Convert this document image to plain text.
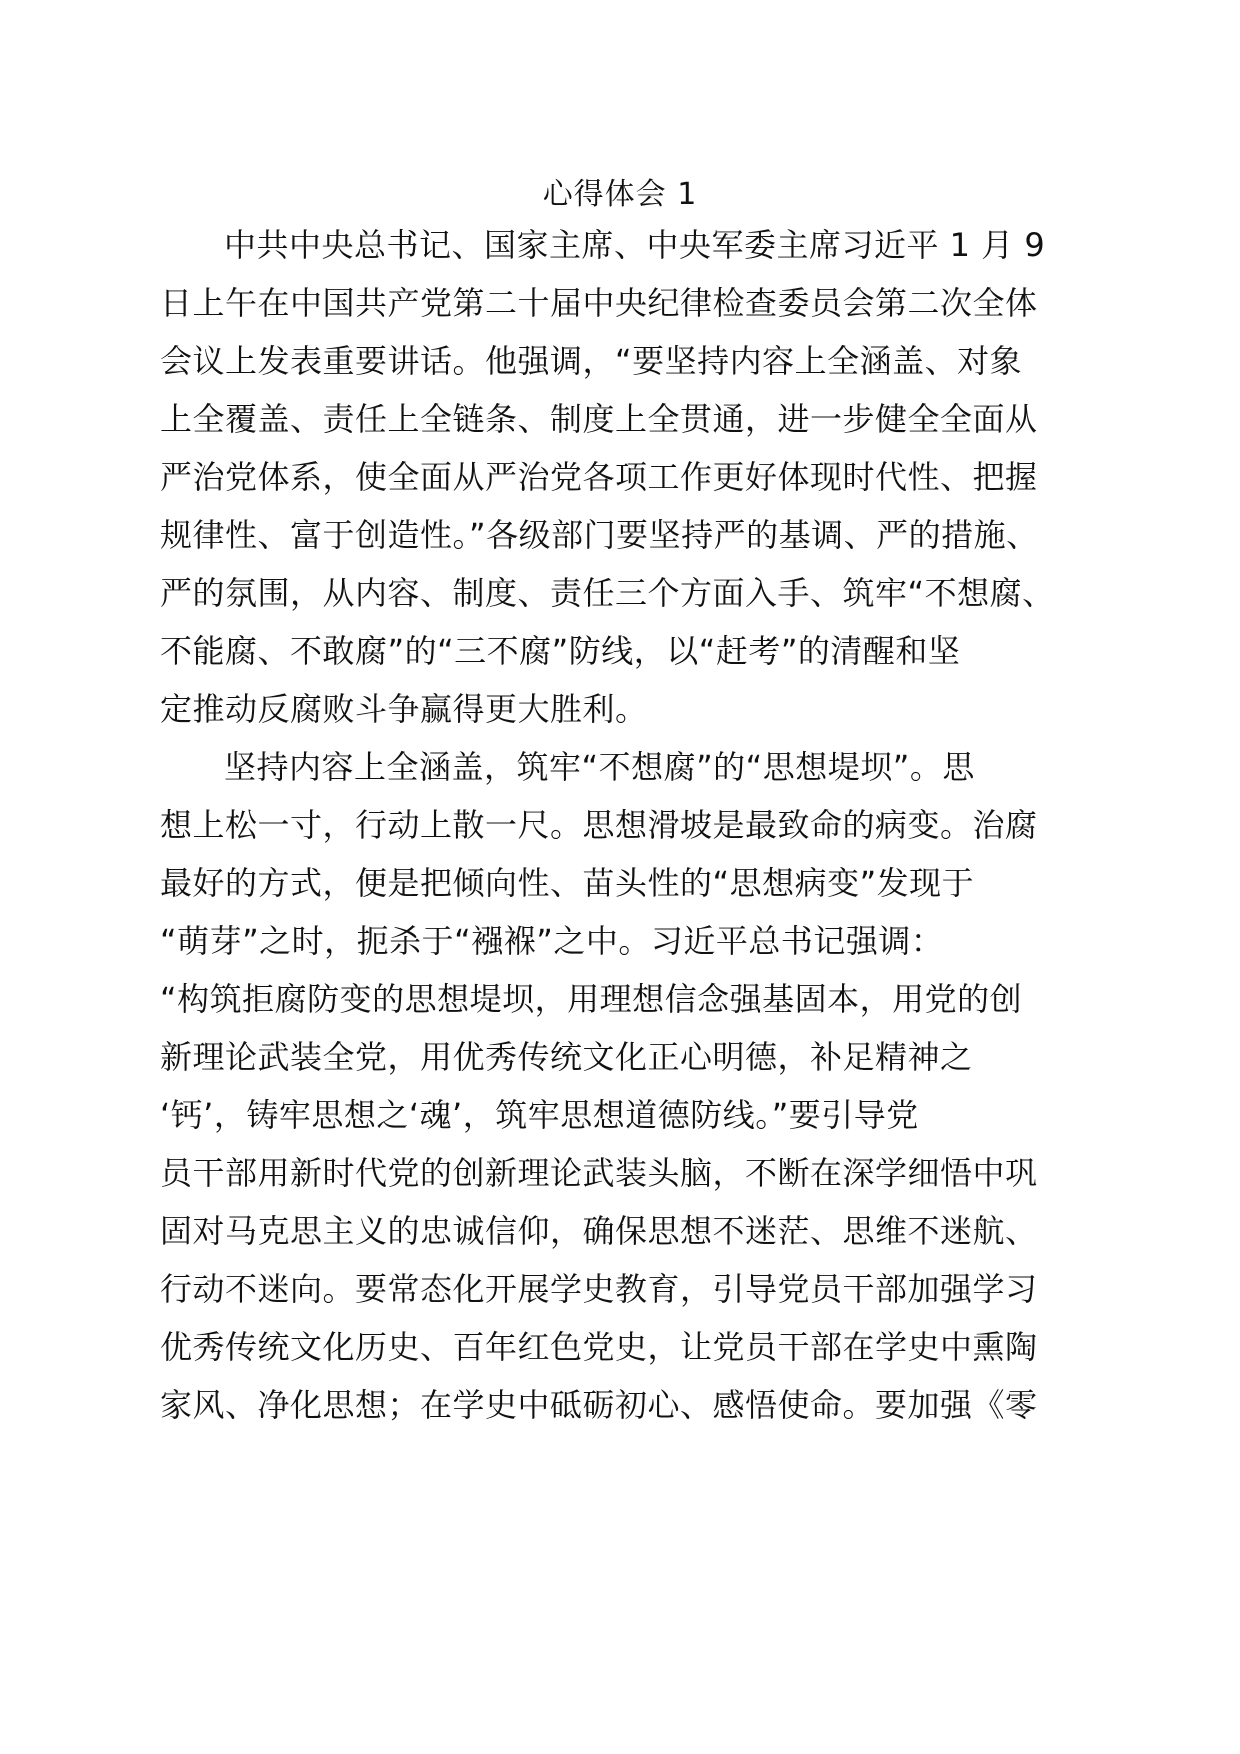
心得体会 1
中共中央总书记、国家主席、中央军委主席习近平 1 月 9
日上午在中国共产党第二十届中央纪律检查委员会第二次全体
会议上发表重要讲话。他强调，“要坚持内容上全涵盖、对象
上全覆盖、责任上全链条、制度上全贯通，进一步健全全面从
严治党体系，使全面从严治党各项工作更好体现时代性、把握
规律性、富于创造性。”各级部门要坚持严的基调、严的措施、
严的氛围，从内容、制度、责任三个方面入手、筑牢“不想腐、
不能腐、不敢腐”的“三不腐”防线，以“赶考”的清醒和坚
定推动反腐败斗争赢得更大胜利。
坚持内容上全涵盖，筑牢“不想腐”的“思想堤坝”。思
想上松一寸，行动上散一尺。思想滑坡是最致命的病变。治腐
最好的方式，便是把倾向性、苗头性的“思想病变”发现于
“萌芽”之时，扼杀于“襁褓”之中。习近平总书记强调：
“构筑拒腐防变的思想堤坝，用理想信念强基固本，用党的创
新理论武装全党，用优秀传统文化正心明德，补足精神之
‘钙’，铸牢思想之‘魂’，筑牢思想道德防线。”要引导党
员干部用新时代党的创新理论武装头脑，不断在深学细悟中巩
固对马克思主义的忠诚信仰，确保思想不迷茫、思维不迷航、
行动不迷向。要常态化开展学史教育，引导党员干部加强学习
优秀传统文化历史、百年红色党史，让党员干部在学史中熏陶
家风、净化思想；在学史中砥砺初心、感悟使命。要加强《零
